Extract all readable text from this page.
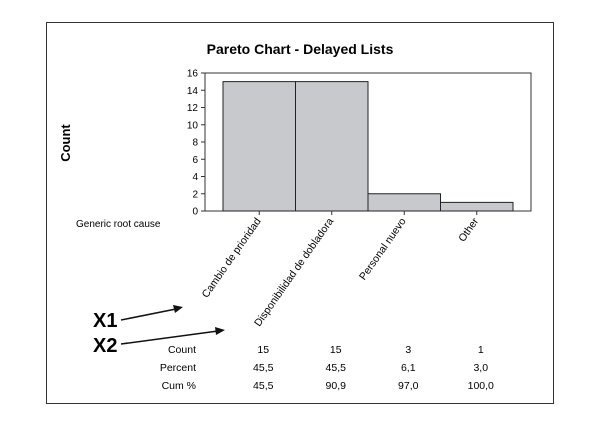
Pareto Chart - Delayed Lists
Count
0
2
4
6
8
10
12
14
16
Generic root cause	Cambio de prioridad
Disponibilidad de dobladora Personal nuevo	Other
Count	15	15	3	1
Percent	45,5	45,5	6,1	3,0
Cum %	45,5	90,9	97,0	100,0
X1
X2
